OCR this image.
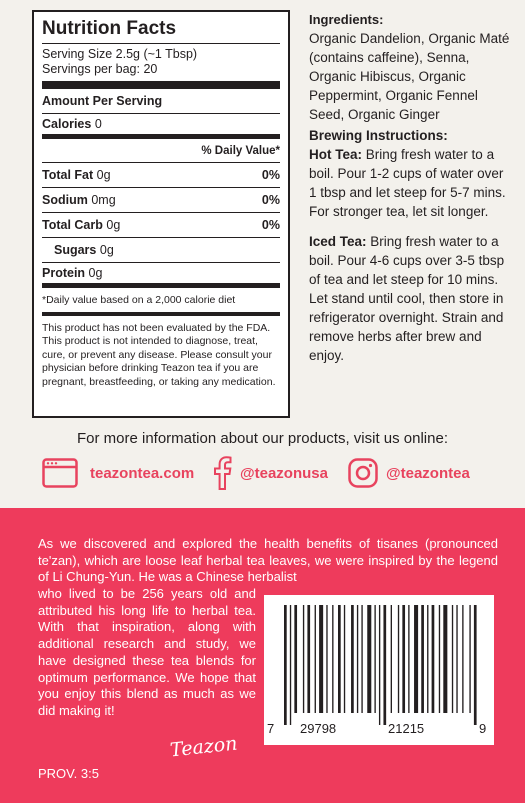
Nutrition Facts
Serving Size 2.5g (~1 Tbsp)
Servings per bag: 20
Amount Per Serving
Calories 0
% Daily Value*
Total Fat 0g	0%
Sodium 0mg	0%
Total Carb 0g	0%
Sugars 0g
Protein 0g
*Daily value based on a 2,000 calorie diet
This product has not been evaluated by the FDA. This product is not intended to diagnose, treat, cure, or prevent any disease. Please consult your physician before drinking Teazon tea if you are pregnant, breastfeeding, or taking any medication.
Ingredients:

Organic Dandelion, Organic Maté (contains caffeine), Senna, Organic Hibiscus, Organic Peppermint, Organic Fennel Seed, Organic Ginger

Brewing Instructions:

Hot Tea: Bring fresh water to a boil. Pour 1-2 cups of water over 1 tbsp and let steep for 5-7 mins. For stronger tea, let sit longer.

Iced Tea: Bring fresh water to a boil. Pour 4-6 cups over 3-5 tbsp of tea and let steep for 10 mins. Let stand until cool, then store in refrigerator overnight. Strain and remove herbs after brew and enjoy.

For more information about our products, visit us online:
teazontea.com	@teazonusa	@teazontea
As we discovered and explored the health benefits of tisanes (pronounced te'zan), which are loose leaf herbal tea leaves, we were inspired by the legend of Li Chung-Yun. He was a Chinese herbalist
who lived to be 256 years old and attributed his long life to herbal tea. With that inspiration, along with additional research and study, we have designed these tea blends for optimum performance. We hope that you enjoy this blend as much as we did making it!
Teazon
PROV. 3:5
7 29798	21215	9
